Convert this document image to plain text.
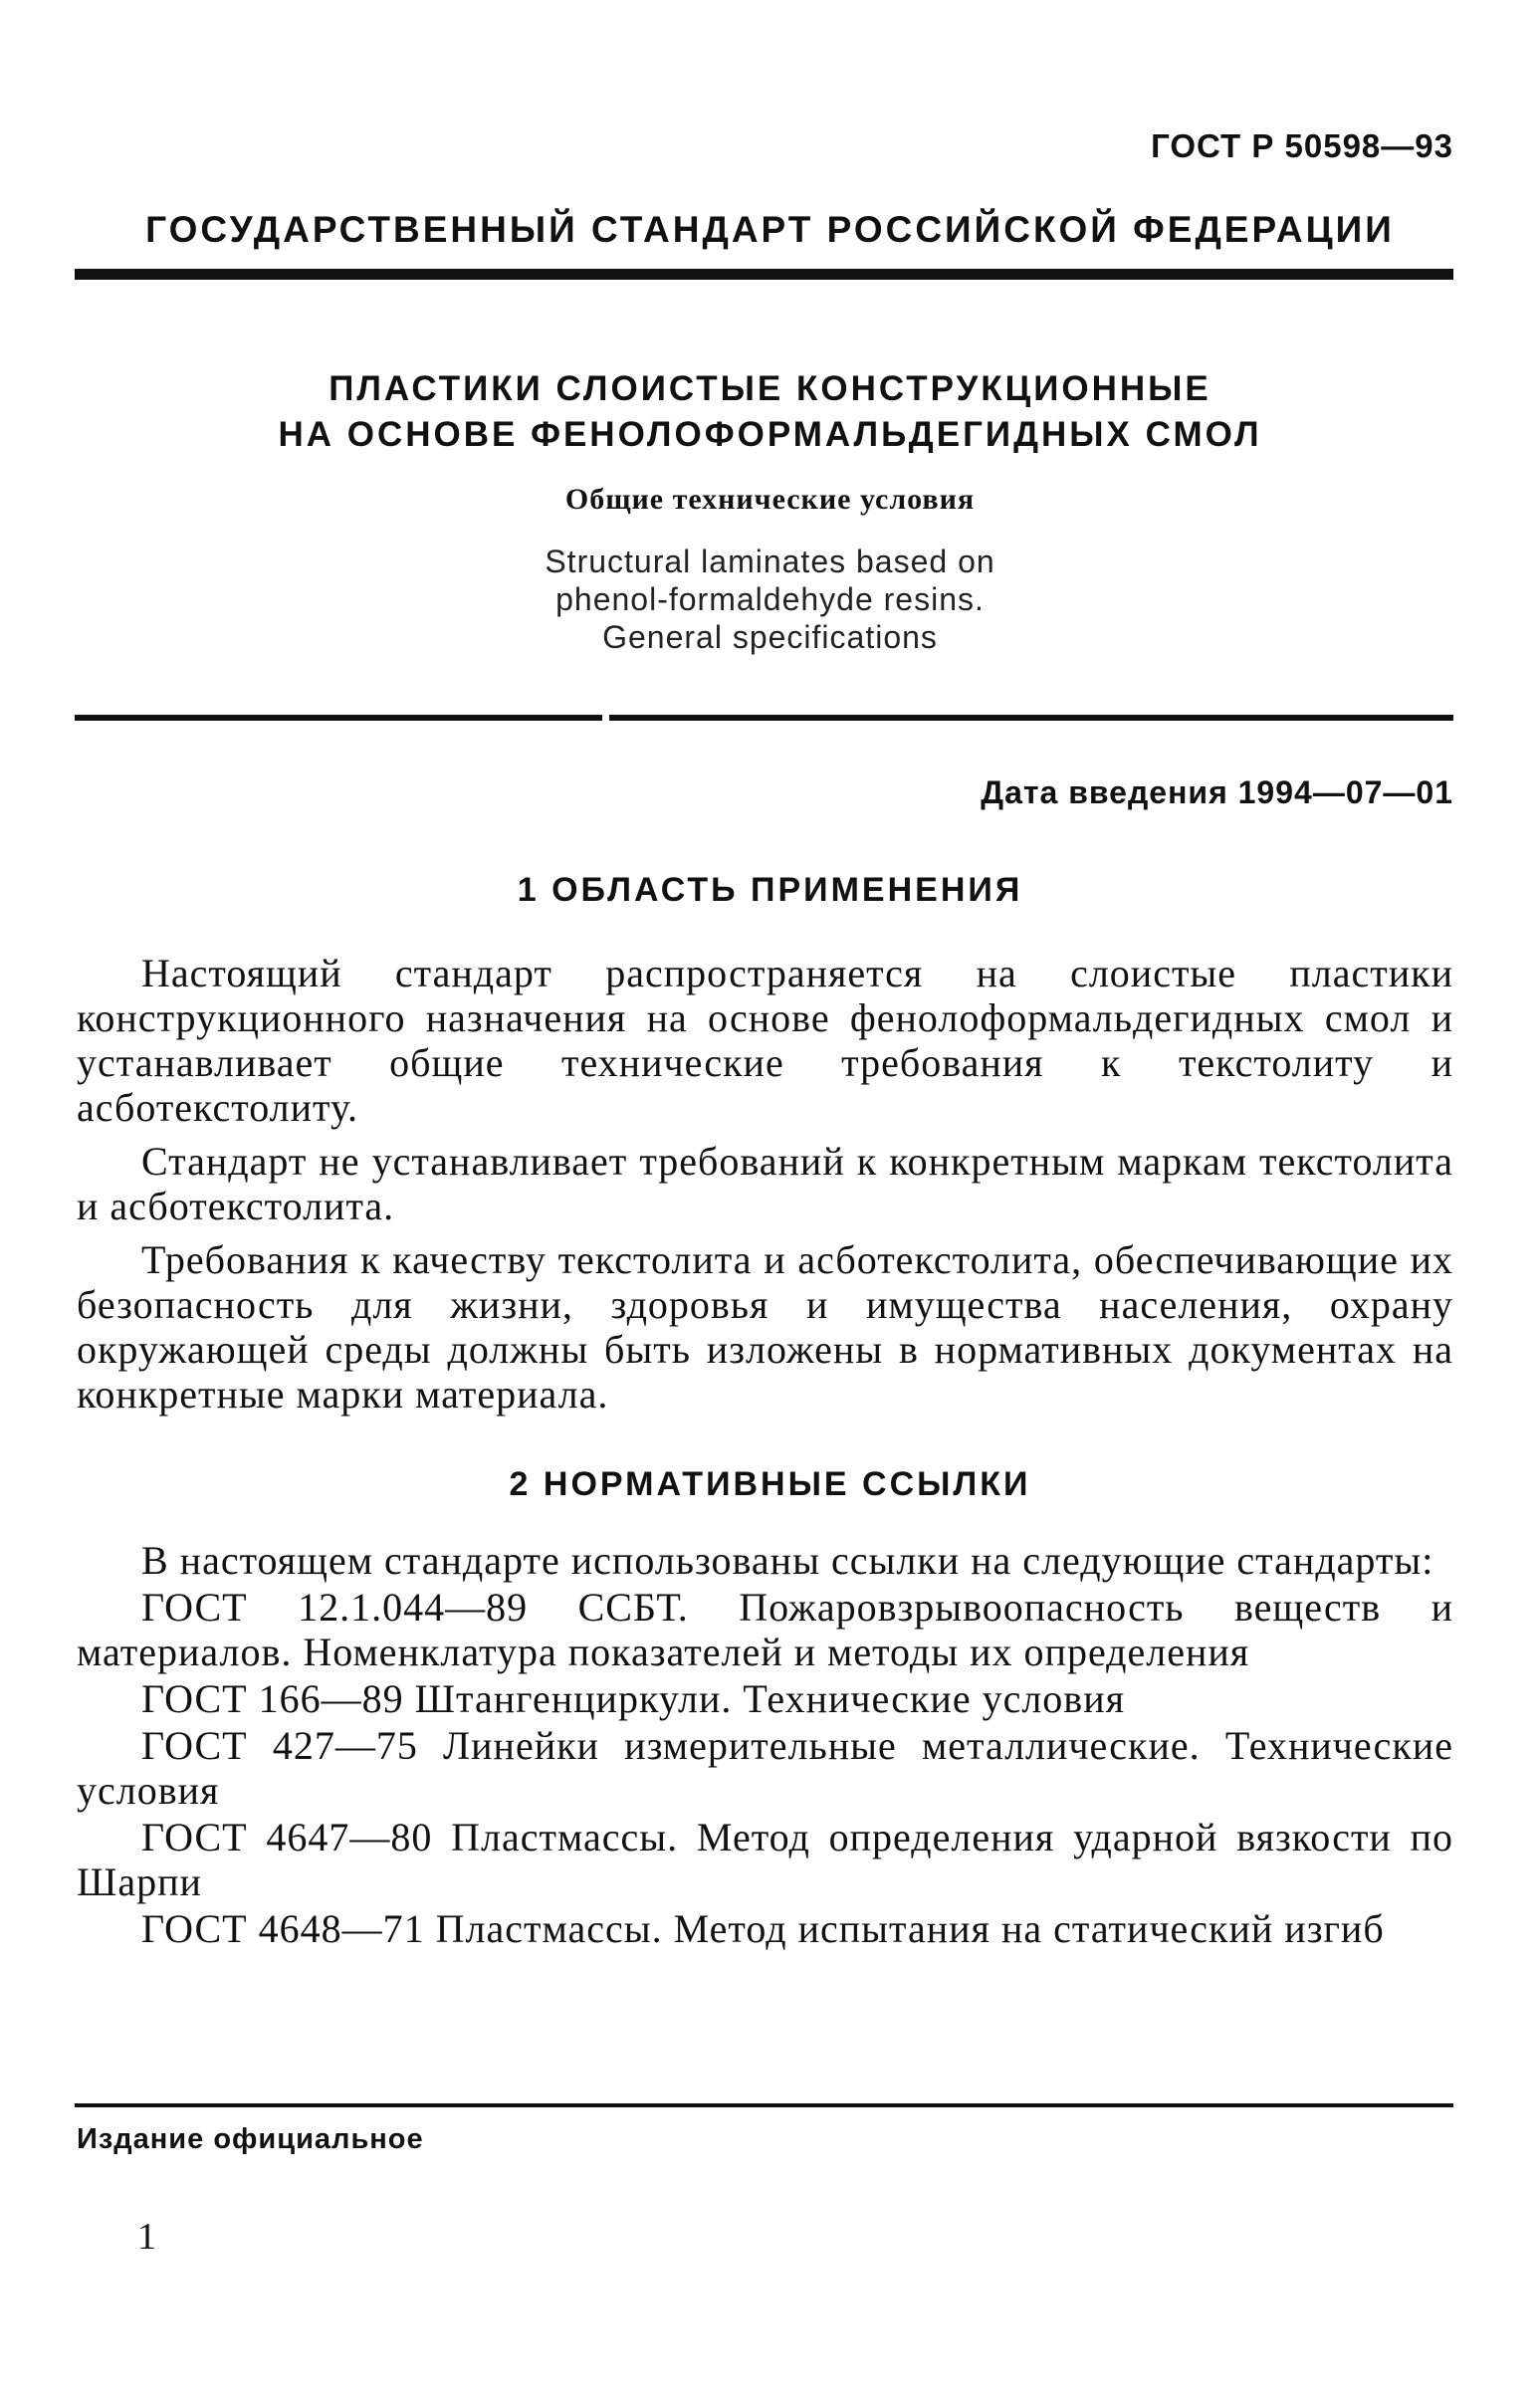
ГОСТ Р 50598—93
ГОСУДАРСТВЕННЫЙ СТАНДАРТ РОССИЙСКОЙ ФЕДЕРАЦИИ
ПЛАСТИКИ СЛОИСТЫЕ КОНСТРУКЦИОННЫЕ
НА ОСНОВЕ ФЕНОЛОФОРМАЛЬДЕГИДНЫХ СМОЛ
Общие технические условия
Structural laminates based on
phenol-formaldehyde resins.
General specifications
Дата введения 1994—07—01
1 ОБЛАСТЬ ПРИМЕНЕНИЯ

Настоящий стандарт распространяется на слоистые пластики конструкционного назначения на основе фенолоформальдегидных смол и устанавливает общие технические требования к текстолиту и асботекстолиту.

Стандарт не устанавливает требований к конкретным маркам текстолита и асботекстолита.

Требования к качеству текстолита и асботекстолита, обеспечивающие их безопасность для жизни, здоровья и имущества населения, охрану окружающей среды должны быть изложены в нормативных документах на конкретные марки материала.

2 НОРМАТИВНЫЕ ССЫЛКИ

В настоящем стандарте использованы ссылки на следующие стандарты:

ГОСТ 12.1.044—89 ССБТ. Пожаровзрывоопасность веществ и материалов. Номенклатура показателей и методы их определения

ГОСТ 166—89 Штангенциркули. Технические условия

ГОСТ 427—75 Линейки измерительные металлические. Технические условия

ГОСТ 4647—80 Пластмассы. Метод определения ударной вязкости по Шарпи

ГОСТ 4648—71 Пластмассы. Метод испытания на статический изгиб

Издание официальное
1
